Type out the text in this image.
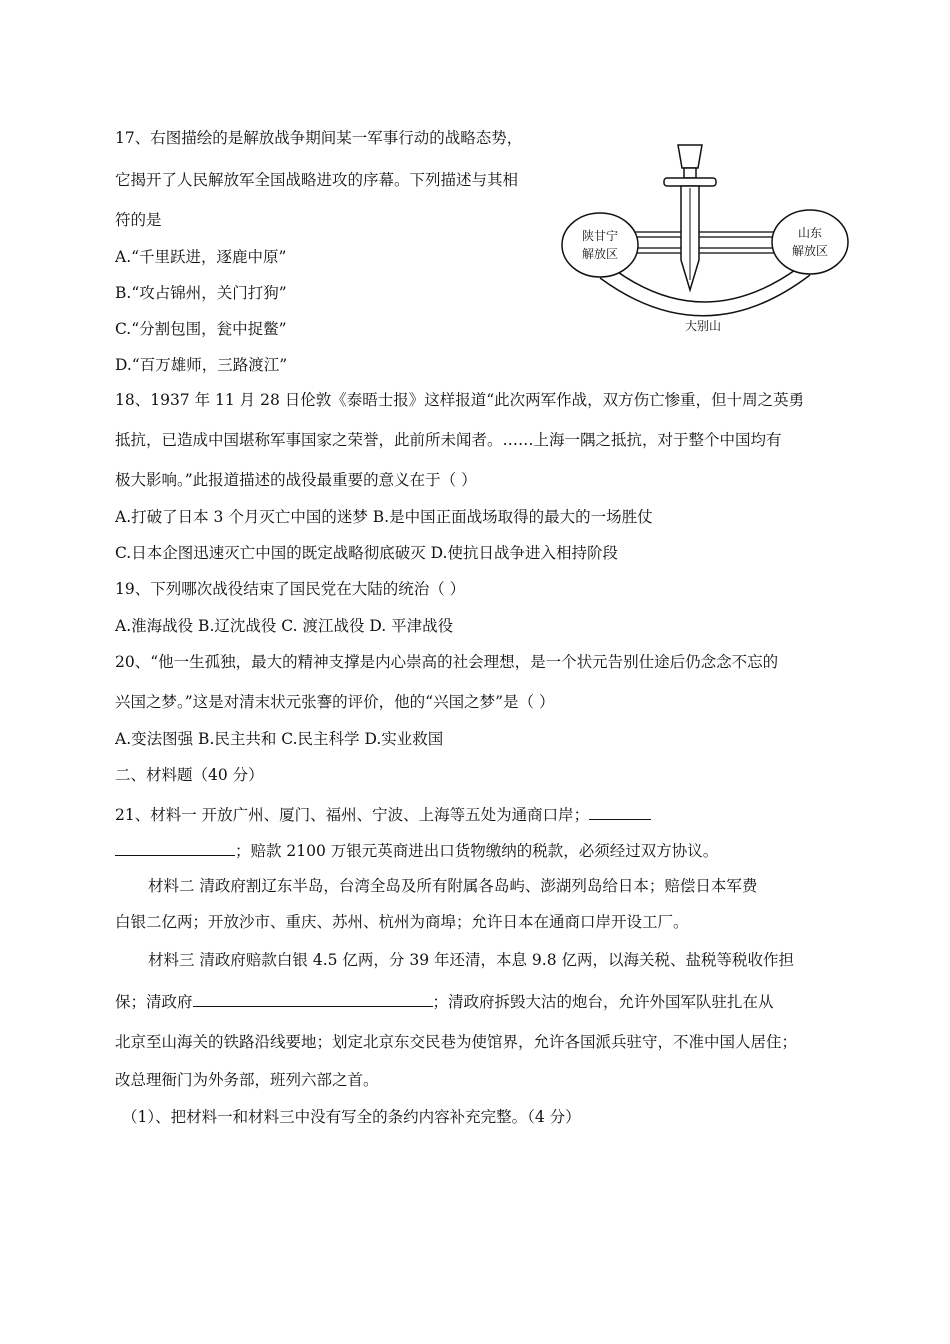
17、右图描绘的是解放战争期间某一军事行动的战略态势，
它揭开了人民解放军全国战略进攻的序幕。下列描述与其相
符的是
A.“千里跃进，逐鹿中原”
B.“攻占锦州，关门打狗”
C.“分割包围，瓮中捉鳖”
D.“百万雄师，三路渡江”
陕甘宁
解放区
山东
解放区
大别山
18、1937 年 11 月 28 日伦敦《泰晤士报》这样报道“此次两军作战，双方伤亡惨重，但十周之英勇
抵抗，已造成中国堪称军事国家之荣誉，此前所未闻者。……上海一隅之抵抗，对于整个中国均有
极大影响。”此报道描述的战役最重要的意义在于（ ）
A.打破了日本 3 个月灭亡中国的迷梦 B.是中国正面战场取得的最大的一场胜仗
C.日本企图迅速灭亡中国的既定战略彻底破灭 D.使抗日战争进入相持阶段
19、下列哪次战役结束了国民党在大陆的统治（ ）
A.淮海战役 B.辽沈战役 C. 渡江战役 D. 平津战役
20、“他一生孤独，最大的精神支撑是内心崇高的社会理想，是一个状元告别仕途后仍念念不忘的
兴国之梦。”这是对清末状元张謇的评价，他的“兴国之梦”是（ ）
A.变法图强 B.民主共和 C.民主科学 D.实业救国
二、材料题（40 分）
21、材料一 开放广州、厦门、福州、宁波、上海等五处为通商口岸；
；赔款 2100 万银元英商进出口货物缴纳的税款，必须经过双方协议。
材料二 清政府割辽东半岛，台湾全岛及所有附属各岛屿、澎湖列岛给日本；赔偿日本军费
白银二亿两；开放沙市、重庆、苏州、杭州为商埠；允许日本在通商口岸开设工厂。
材料三 清政府赔款白银 4.5 亿两，分 39 年还清，本息 9.8 亿两，以海关税、盐税等税收作担
保；清政府	；清政府拆毁大沽的炮台，允许外国军队驻扎在从
北京至山海关的铁路沿线要地；划定北京东交民巷为使馆界，允许各国派兵驻守，不准中国人居住；
改总理衙门为外务部，班列六部之首。
（1）、把材料一和材料三中没有写全的条约内容补充完整。（4 分）
